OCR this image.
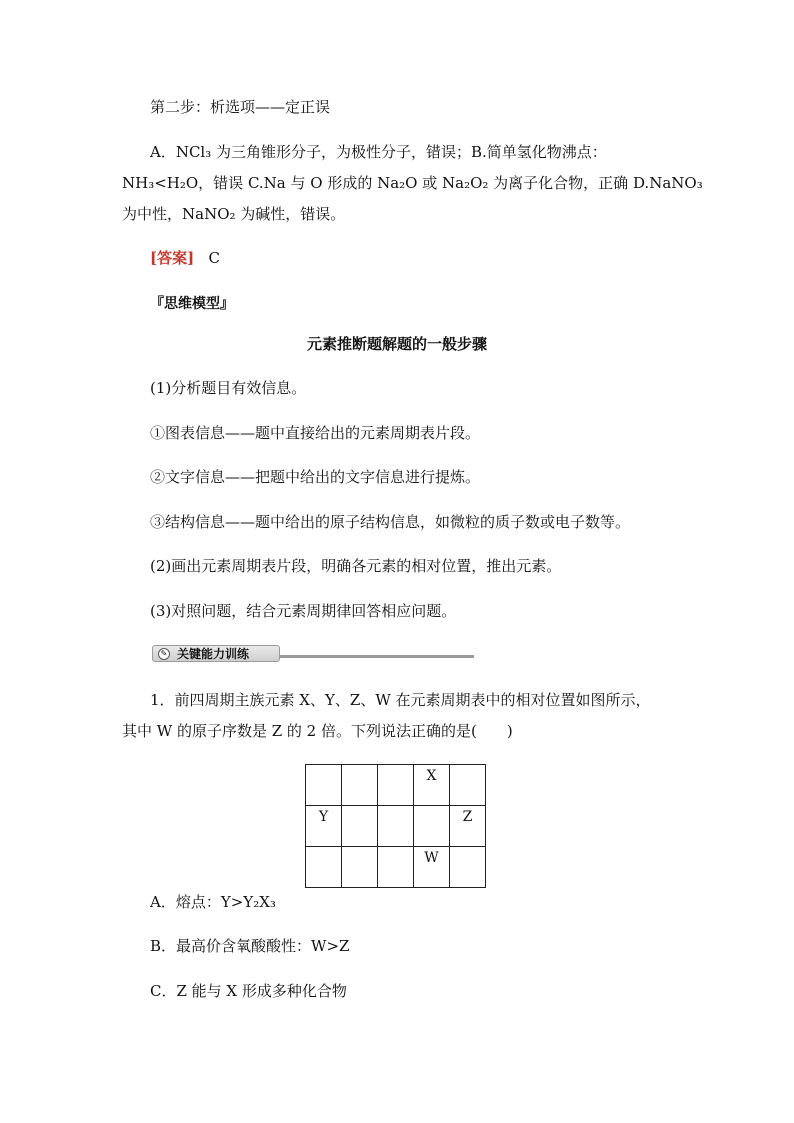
第二步：析选项——定正误
A．NCl₃ 为三角锥形分子，为极性分子，错误；B.简单氢化物沸点：
NH₃<H₂O，错误 C.Na 与 O 形成的 Na₂O 或 Na₂O₂ 为离子化合物，正确 D.NaNO₃
为中性，NaNO₂ 为碱性，错误。
[答案] C
『思维模型』
元素推断题解题的一般步骤
(1)分析题目有效信息。
①图表信息——题中直接给出的元素周期表片段。
②文字信息——把题中给出的文字信息进行提炼。
③结构信息——题中给出的原子结构信息，如微粒的质子数或电子数等。
(2)画出元素周期表片段，明确各元素的相对位置，推出元素。
(3)对照问题，结合元素周期律回答相应问题。
✎ 关键能力训练
1．前四周期主族元素 X、Y、Z、W 在元素周期表中的相对位置如图所示，
其中 W 的原子序数是 Z 的 2 倍。下列说法正确的是(　　)
			X	
Y				Z
			W	
A．熔点：Y>Y₂X₃
B．最高价含氧酸酸性：W>Z
C．Z 能与 X 形成多种化合物
